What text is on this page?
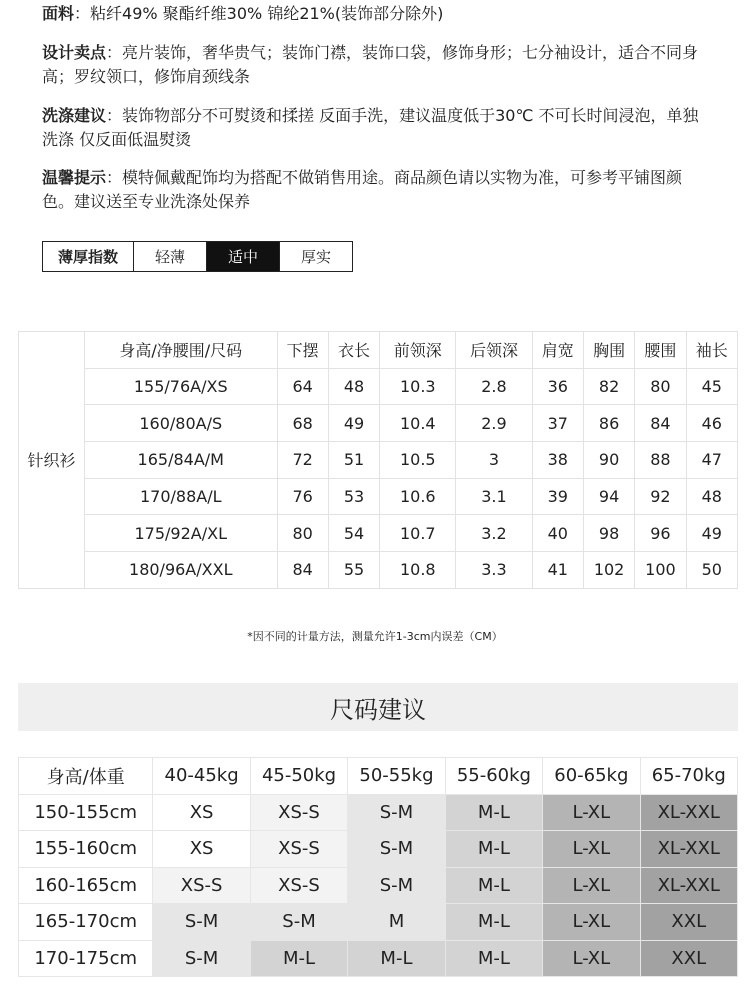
面料：粘纤49% 聚酯纤维30% 锦纶21%(装饰部分除外)
设计卖点：亮片装饰，奢华贵气；装饰门襟，装饰口袋，修饰身形；七分袖设计，适合不同身高；罗纹领口，修饰肩颈线条
洗涤建议：装饰物部分不可熨烫和揉搓 反面手洗，建议温度低于30℃ 不可长时间浸泡，单独洗涤 仅反面低温熨烫
温馨提示：模特佩戴配饰均为搭配不做销售用途。商品颜色请以实物为准，可参考平铺图颜色。建议送至专业洗涤处保养
薄厚指数	轻薄	适中	厚实
针织衫	身高/净腰围/尺码	下摆	衣长	前领深	后领深	肩宽	胸围	腰围	袖长
	155/76A/XS	64	48	10.3	2.8	36	82	80	45
	160/80A/S	68	49	10.4	2.9	37	86	84	46
	165/84A/M	72	51	10.5	3	38	90	88	47
	170/88A/L	76	53	10.6	3.1	39	94	92	48
	175/92A/XL	80	54	10.7	3.2	40	98	96	49
	180/96A/XXL	84	55	10.8	3.3	41	102	100	50
*因不同的计量方法，测量允许1-3cm内误差（CM）
尺码建议
身高/体重	40-45kg	45-50kg	50-55kg	55-60kg	60-65kg	65-70kg
150-155cm	XS	XS-S	S-M	M-L	L-XL	XL-XXL
155-160cm	XS	XS-S	S-M	M-L	L-XL	XL-XXL
160-165cm	XS-S	XS-S	S-M	M-L	L-XL	XL-XXL
165-170cm	S-M	S-M	M	M-L	L-XL	XXL
170-175cm	S-M	M-L	M-L	M-L	L-XL	XXL
